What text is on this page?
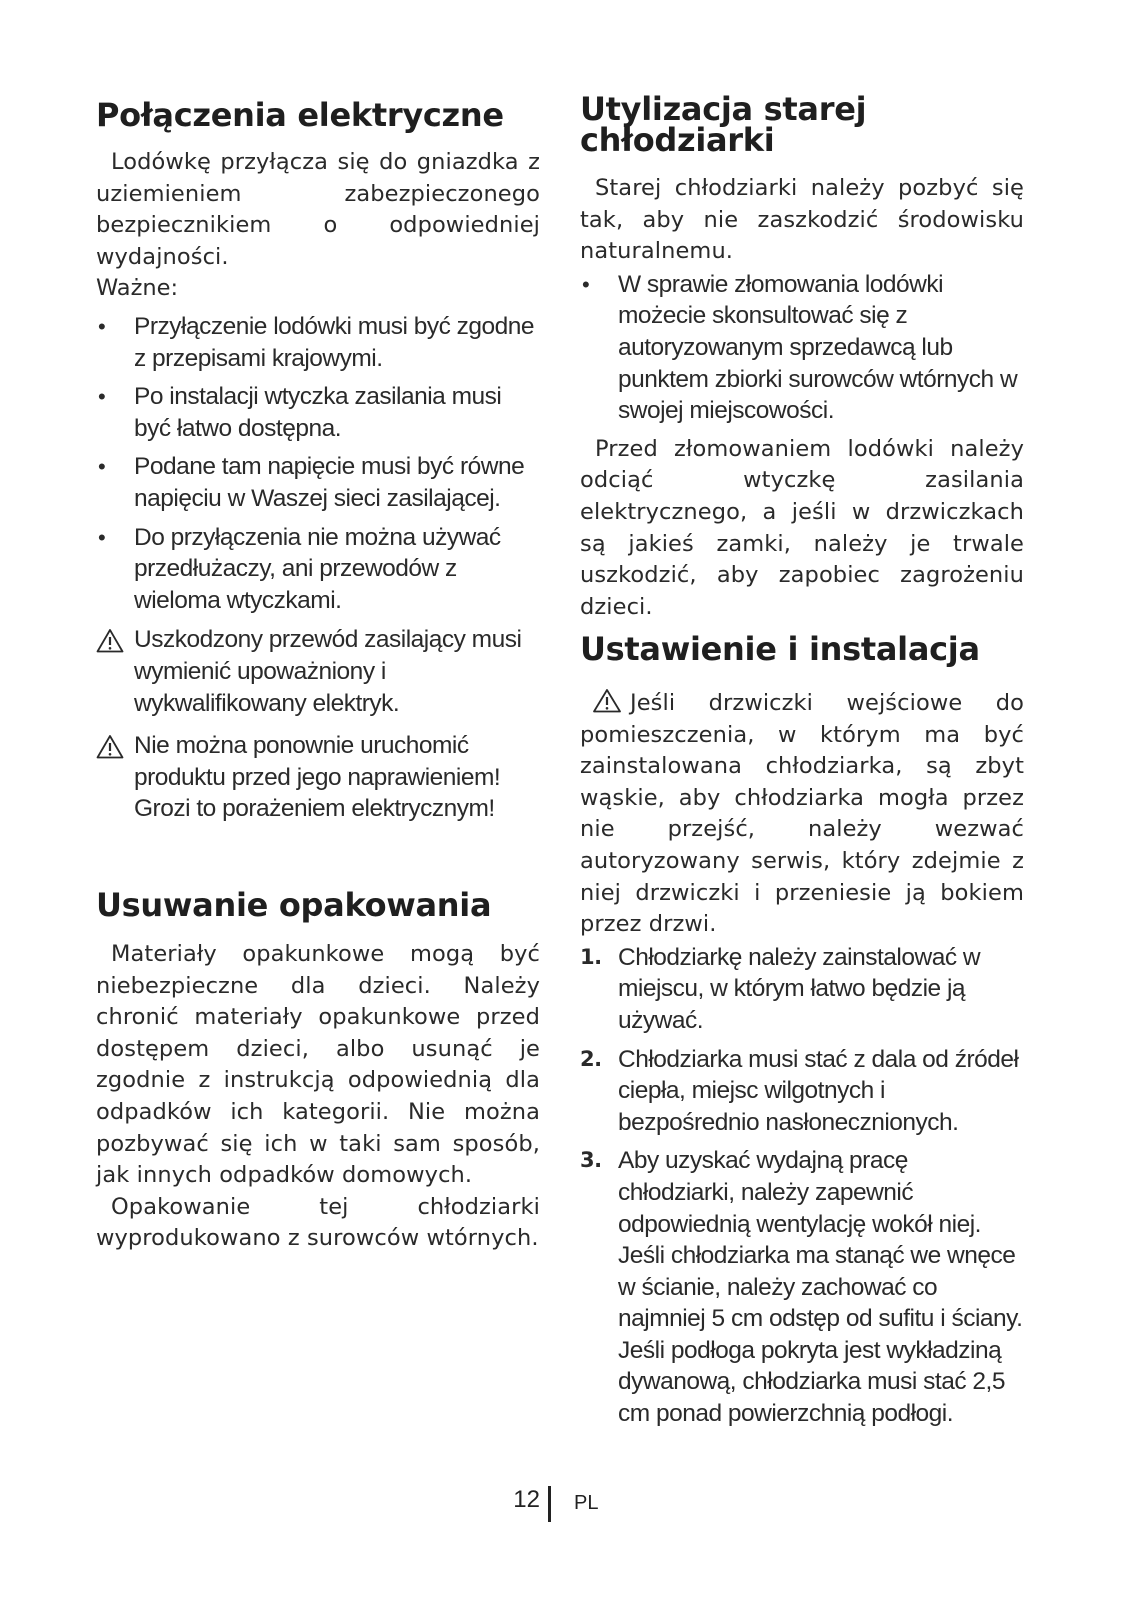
Połączenia elektryczne

Lodówkę przyłącza się do gniazdka z uziemieniem zabezpieczonego bezpiecznikiem o odpowiedniej wydajności.

Ważne:

• Przyłączenie lodówki musi być zgodne z przepisami krajowymi.
• Po instalacji wtyczka zasilania musi być łatwo dostępna.
• Podane tam napięcie musi być równe napięciu w Waszej sieci zasilającej.
• Do przyłączenia nie można używać przedłużaczy, ani przewodów z wieloma wtyczkami.
Uszkodzony przewód zasilający musi wymienić upoważniony i wykwalifikowany elektryk.
Nie można ponownie uruchomić produktu przed jego naprawieniem! Grozi to porażeniem elektrycznym!
Usuwanie opakowania

Materiały opakunkowe mogą być niebezpieczne dla dzieci. Należy chronić materiały opakunkowe przed dostępem dzieci, albo usunąć je zgodnie z instrukcją odpowiednią dla odpadków ich kategorii. Nie można pozbywać się ich w taki sam sposób, jak innych odpadków domowych.

Opakowanie tej chłodziarki wyprodukowano z surowców wtórnych.

Utylizacja starej
chłodziarki

Starej chłodziarki należy pozbyć się tak, aby nie zaszkodzić środowisku naturalnemu.

• W sprawie złomowania lodówki możecie skonsultować się z autoryzowanym sprzedawcą lub punktem zbiorki surowców wtórnych w swojej miejscowości.

Przed złomowaniem lodówki należy odciąć wtyczkę zasilania elektrycznego, a jeśli w drzwiczkach są jakieś zamki, należy je trwale uszkodzić, aby zapobiec zagrożeniu dzieci.

Ustawienie i instalacja

Jeśli drzwiczki wejściowe do pomieszczenia, w którym ma być zainstalowana chłodziarka, są zbyt wąskie, aby chłodziarka mogła przez nie przejść, należy wezwać autoryzowany serwis, który zdejmie z niej drzwiczki i przeniesie ją bokiem przez drzwi.

1. Chłodziarkę należy zainstalować w miejscu, w którym łatwo będzie ją używać.
2. Chłodziarka musi stać z dala od źródeł ciepła, miejsc wilgotnych i bezpośrednio nasłonecznionych.
3. Aby uzyskać wydajną pracę chłodziarki, należy zapewnić odpowiednią wentylację wokół niej. Jeśli chłodziarka ma stanąć we wnęce w ścianie, należy zachować co najmniej 5 cm odstęp od sufitu i ściany. Jeśli podłoga pokryta jest wykładziną dywanową, chłodziarka musi stać 2,5 cm ponad powierzchnią podłogi.
12 PL
